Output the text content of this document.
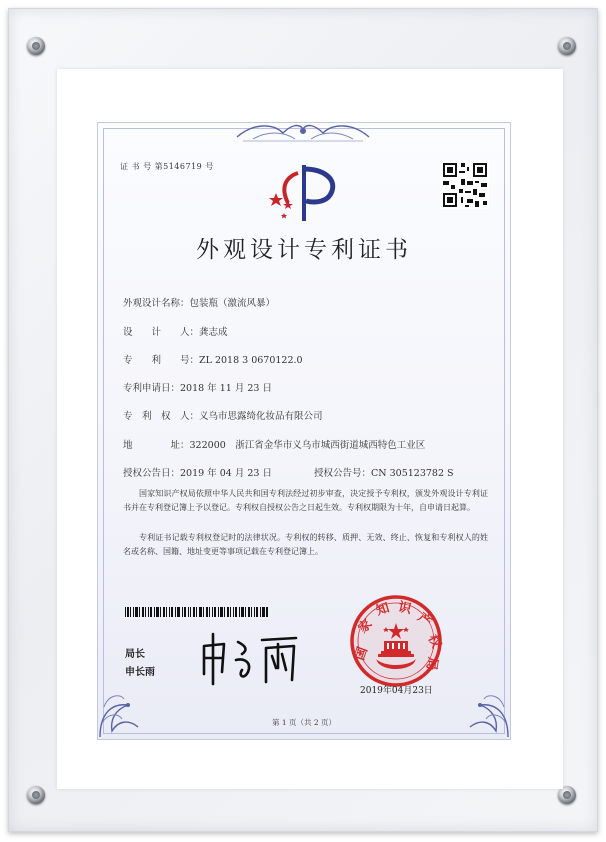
证 书 号 第5146719 号
外观设计专利证书
外观设计名称：包装瓶（激流风暴）
设　　计　　人：龚志成
专　　利　　号：ZL 2018 3 0670122.0
专利申请日：2018 年 11 月 23 日
专　利　权　人：义乌市思露绮化妆品有限公司
地　　　　址：322000　浙江省金华市义乌市城西街道城西特色工业区
授权公告日：2019 年 04 月 23 日	授权公告号：CN 305123782 S
国家知识产权局依照中华人民共和国专利法经过初步审查，决定授予专利权，颁发外观设计专利证书并在专利登记簿上予以登记。专利权自授权公告之日起生效。专利权期限为十年，自申请日起算。
专利证书记载专利权登记时的法律状况。专利权的转移、质押、无效、终止、恢复和专利权人的姓名或名称、国籍、地址变更等事项记载在专利登记簿上。
局长
申长雨
国
家
知 识
产
权
局
2019年04月23日
第 1 页（共 2 页）
